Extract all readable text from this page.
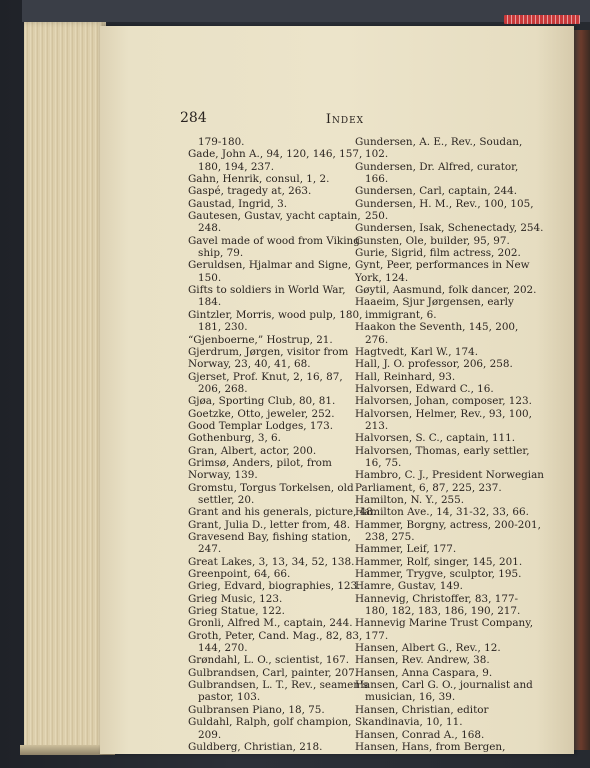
284	Index
179-180.
Gade, John A., 94, 120, 146, 157,
180, 194, 237.
Gahn, Henrik, consul, 1, 2.
Gaspé, tragedy at, 263.
Gaustad, Ingrid, 3.
Gautesen, Gustav, yacht captain,
248.
Gavel made of wood from Viking
ship, 79.
Geruldsen, Hjalmar and Signe,
150.
Gifts to soldiers in World War,
184.
Gintzler, Morris, wood pulp, 180,
181, 230.
“Gjenboerne,” Hostrup, 21.
Gjerdrum, Jørgen, visitor from
Norway, 23, 40, 41, 68.
Gjerset, Prof. Knut, 2, 16, 87,
206, 268.
Gjøa, Sporting Club, 80, 81.
Goetzke, Otto, jeweler, 252.
Good Templar Lodges, 173.
Gothenburg, 3, 6.
Gran, Albert, actor, 200.
Grimsø, Anders, pilot, from
Norway, 139.
Gromstu, Torgus Torkelsen, old
settler, 20.
Grant and his generals, picture, 48.
Grant, Julia D., letter from, 48.
Gravesend Bay, fishing station,
247.
Great Lakes, 3, 13, 34, 52, 138.
Greenpoint, 64, 66.
Grieg, Edvard, biographies, 123.
Grieg Music, 123.
Grieg Statue, 122.
Gronli, Alfred M., captain, 244.
Groth, Peter, Cand. Mag., 82, 83,
144, 270.
Grøndahl, L. O., scientist, 167.
Gulbrandsen, Carl, painter, 207.
Gulbrandsen, L. T., Rev., seamen's
pastor, 103.
Gulbransen Piano, 18, 75.
Guldahl, Ralph, golf champion,
209.
Guldberg, Christian, 218.
Gundersen, A. E., Rev., Soudan,
102.
Gundersen, Dr. Alfred, curator,
166.
Gundersen, Carl, captain, 244.
Gundersen, H. M., Rev., 100, 105,
250.
Gundersen, Isak, Schenectady, 254.
Gunsten, Ole, builder, 95, 97.
Gurie, Sigrid, film actress, 202.
Gynt, Peer, performances in New
York, 124.
Gøytil, Aasmund, folk dancer, 202.
Haaeim, Sjur Jørgensen, early
immigrant, 6.
Haakon the Seventh, 145, 200,
276.
Hagtvedt, Karl W., 174.
Hall, J. O. professor, 206, 258.
Hall, Reinhard, 93.
Halvorsen, Edward C., 16.
Halvorsen, Johan, composer, 123.
Halvorsen, Helmer, Rev., 93, 100,
213.
Halvorsen, S. C., captain, 111.
Halvorsen, Thomas, early settler,
16, 75.
Hambro, C. J., President Norwegian
Parliament, 6, 87, 225, 237.
Hamilton, N. Y., 255.
Hamilton Ave., 14, 31-32, 33, 66.
Hammer, Borgny, actress, 200-201,
238, 275.
Hammer, Leif, 177.
Hammer, Rolf, singer, 145, 201.
Hammer, Trygve, sculptor, 195.
Hamre, Gustav, 149.
Hannevig, Christoffer, 83, 177-
180, 182, 183, 186, 190, 217.
Hannevig Marine Trust Company,
177.
Hansen, Albert G., Rev., 12.
Hansen, Rev. Andrew, 38.
Hansen, Anna Caspara, 9.
Hansen, Carl G. O., journalist and
musician, 16, 39.
Hansen, Christian, editor
Skandinavia, 10, 11.
Hansen, Conrad A., 168.
Hansen, Hans, from Bergen,
